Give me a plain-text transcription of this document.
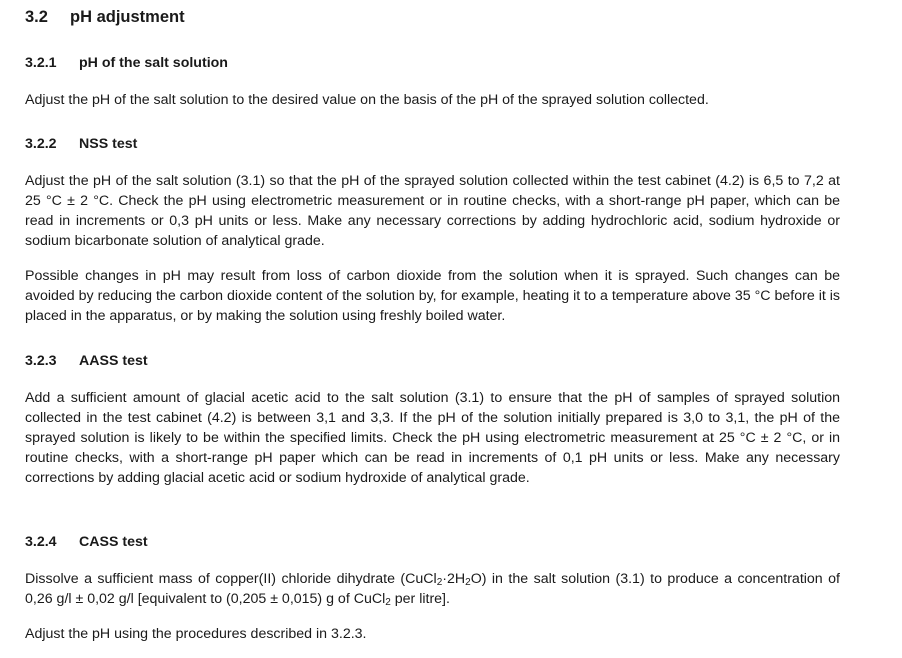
3.2 pH adjustment
3.2.1 pH of the salt solution

Adjust the pH of the salt solution to the desired value on the basis of the pH of the sprayed solution collected.

3.2.2 NSS test

Adjust the pH of the salt solution (3.1) so that the pH of the sprayed solution collected within the test cabinet (4.2) is 6,5 to 7,2 at 25 °C ± 2 °C. Check the pH using electrometric measurement or in routine checks, with a short-range pH paper, which can be read in increments or 0,3 pH units or less. Make any necessary corrections by adding hydrochloric acid, sodium hydroxide or sodium bicarbonate solution of analytical grade.

Possible changes in pH may result from loss of carbon dioxide from the solution when it is sprayed. Such changes can be avoided by reducing the carbon dioxide content of the solution by, for example, heating it to a temperature above 35 °C before it is placed in the apparatus, or by making the solution using freshly boiled water.

3.2.3 AASS test

Add a sufficient amount of glacial acetic acid to the salt solution (3.1) to ensure that the pH of samples of sprayed solution collected in the test cabinet (4.2) is between 3,1 and 3,3. If the pH of the solution initially prepared is 3,0 to 3,1, the pH of the sprayed solution is likely to be within the specified limits. Check the pH using electrometric measurement at 25 °C ± 2 °C, or in routine checks, with a short-range pH paper which can be read in increments of 0,1 pH units or less. Make any necessary corrections by adding glacial acetic acid or sodium hydroxide of analytical grade.

3.2.4 CASS test

Dissolve a sufficient mass of copper(II) chloride dihydrate $(CuCl_2\cdot 2H_2O)$ in the salt solution (3.1) to produce a concentration of 0,26 g/l ± 0,02 g/l [equivalent to (0,205 ± 0,015) g of CuCl$_2$ per litre].

Adjust the pH using the procedures described in 3.2.3.
